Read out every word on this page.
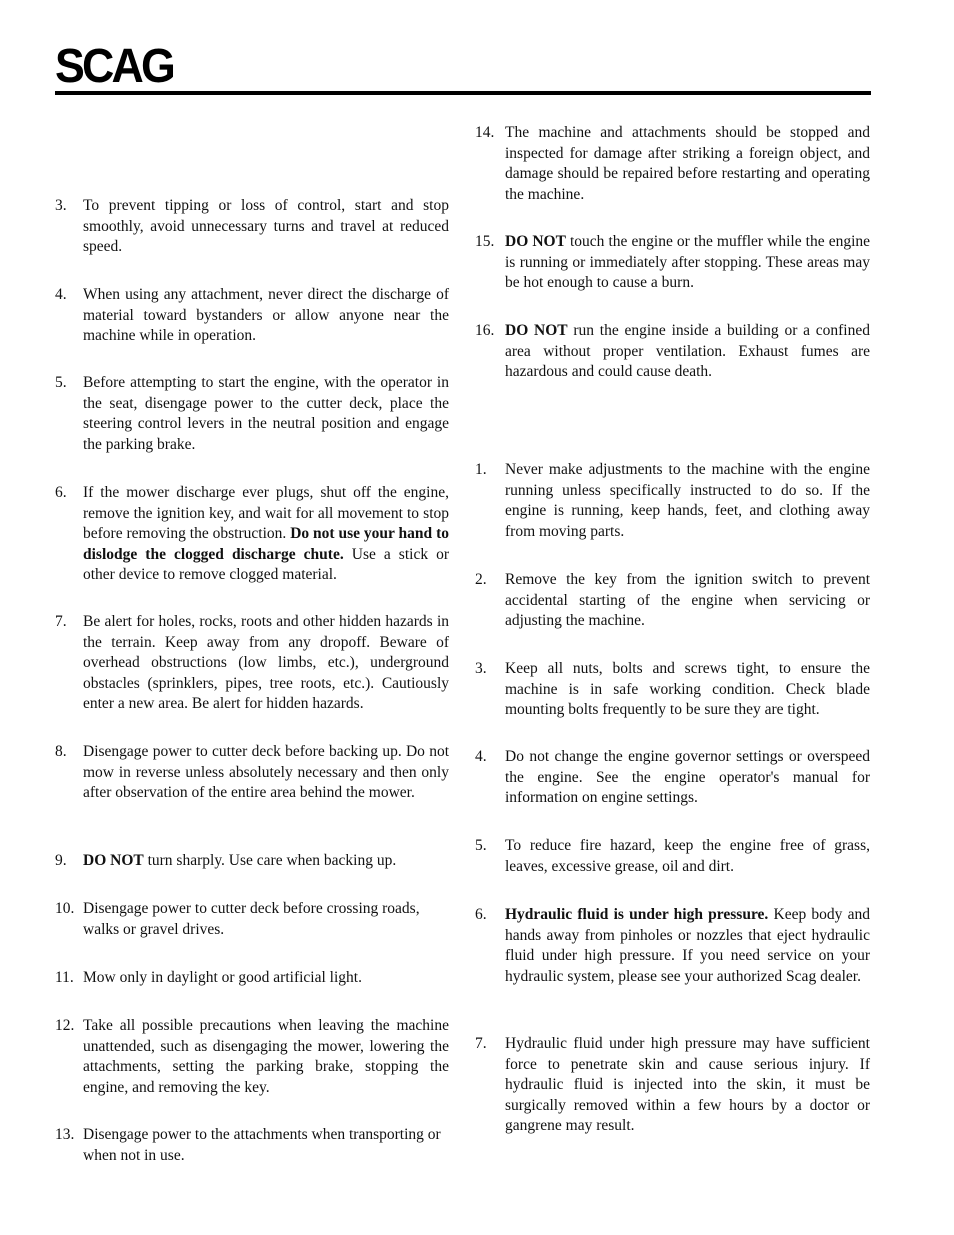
SCAG
3. To prevent tipping or loss of control, start and stop smoothly, avoid unnecessary turns and travel at reduced speed.
4. When using any attachment, never direct the discharge of material toward bystanders or allow anyone near the machine while in operation.
5. Before attempting to start the engine, with the operator in the seat, disengage power to the cutter deck, place the steering control levers in the neutral position and engage the parking brake.
6. If the mower discharge ever plugs, shut off the engine, remove the ignition key, and wait for all movement to stop before removing the obstruction. Do not use your hand to dislodge the clogged discharge chute. Use a stick or other device to remove clogged material.
7. Be alert for holes, rocks, roots and other hidden hazards in the terrain. Keep away from any dropoff. Beware of overhead obstructions (low limbs, etc.), underground obstacles (sprinklers, pipes, tree roots, etc.). Cautiously enter a new area. Be alert for hidden hazards.
8. Disengage power to cutter deck before backing up. Do not mow in reverse unless absolutely necessary and then only after observation of the entire area behind the mower.
9. DO NOT turn sharply. Use care when backing up.
10. Disengage power to cutter deck before crossing roads, walks or gravel drives.
11. Mow only in daylight or good artificial light.
12. Take all possible precautions when leaving the machine unattended, such as disengaging the mower, lowering the attachments, setting the parking brake, stopping the engine, and removing the key.
13. Disengage power to the attachments when transporting or when not in use.
14. The machine and attachments should be stopped and inspected for damage after striking a foreign object, and damage should be repaired before restarting and operating the machine.
15. DO NOT touch the engine or the muffler while the engine is running or immediately after stopping. These areas may be hot enough to cause a burn.
16. DO NOT run the engine inside a building or a confined area without proper ventilation. Exhaust fumes are hazardous and could cause death.
1. Never make adjustments to the machine with the engine running unless specifically instructed to do so. If the engine is running, keep hands, feet, and clothing away from moving parts.
2. Remove the key from the ignition switch to prevent accidental starting of the engine when servicing or adjusting the machine.
3. Keep all nuts, bolts and screws tight, to ensure the machine is in safe working condition. Check blade mounting bolts frequently to be sure they are tight.
4. Do not change the engine governor settings or overspeed the engine. See the engine operator's manual for information on engine settings.
5. To reduce fire hazard, keep the engine free of grass, leaves, excessive grease, oil and dirt.
6. Hydraulic fluid is under high pressure. Keep body and hands away from pinholes or nozzles that eject hydraulic fluid under high pressure. If you need service on your hydraulic system, please see your authorized Scag dealer.
7. Hydraulic fluid under high pressure may have sufficient force to penetrate skin and cause serious injury. If hydraulic fluid is injected into the skin, it must be surgically removed within a few hours by a doctor or gangrene may result.
